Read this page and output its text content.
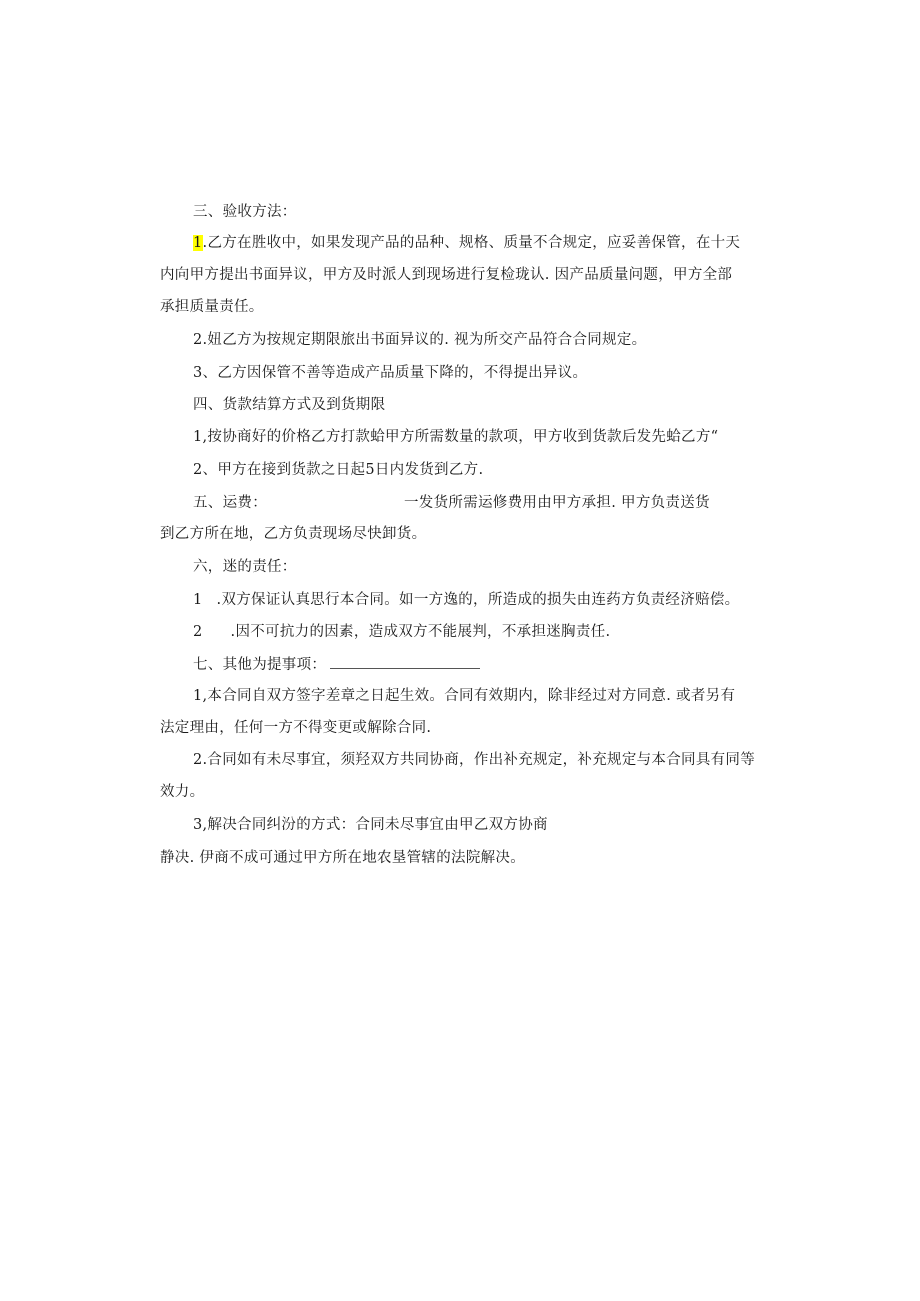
三、验收方法：
1.乙方在胜收中，如果发现产品的品种、规格、质量不合规定，应妥善保管，在十天
内向甲方提出书面异议，甲方及时派人到现场进行复检珑认. 因产品质量问题，甲方全部
承担质量责任。
2.妞乙方为按规定期限旅出书面异议的. 视为所交产品符合合同规定。
3、乙方因保管不善等造成产品质量下降的，不得提出异议。
四、货款结算方式及到货期限
1,按协商好的价格乙方打款蛤甲方所需数量的款项，甲方收到货款后发先蛤乙方“
2、甲方在接到货款之日起5日内发货到乙方.
五、运费：	一发货所需运修费用由甲方承担. 甲方负责送货
到乙方所在地，乙方负责现场尽快卸货。
六，迷的责任：
1 .双方保证认真思行本合同。如一方逸的，所造成的损失由连药方负责经济赔偿。
2 .因不可抗力的因素，造成双方不能展判，不承担迷胸责任.
七、其他为提事项：
1,本合同自双方签字差章之日起生效。合同有效期内，除非经过对方同意. 或者另有
法定理由，任何一方不得变更或解除合同.
2.合同如有未尽事宜，须羟双方共同协商，作出补充规定，补充规定与本合同具有同等
效力。
3,解决合同纠汾的方式：合同未尽事宜由甲乙双方协商
静决. 伊商不成可通过甲方所在地农垦管辖的法院解决。
